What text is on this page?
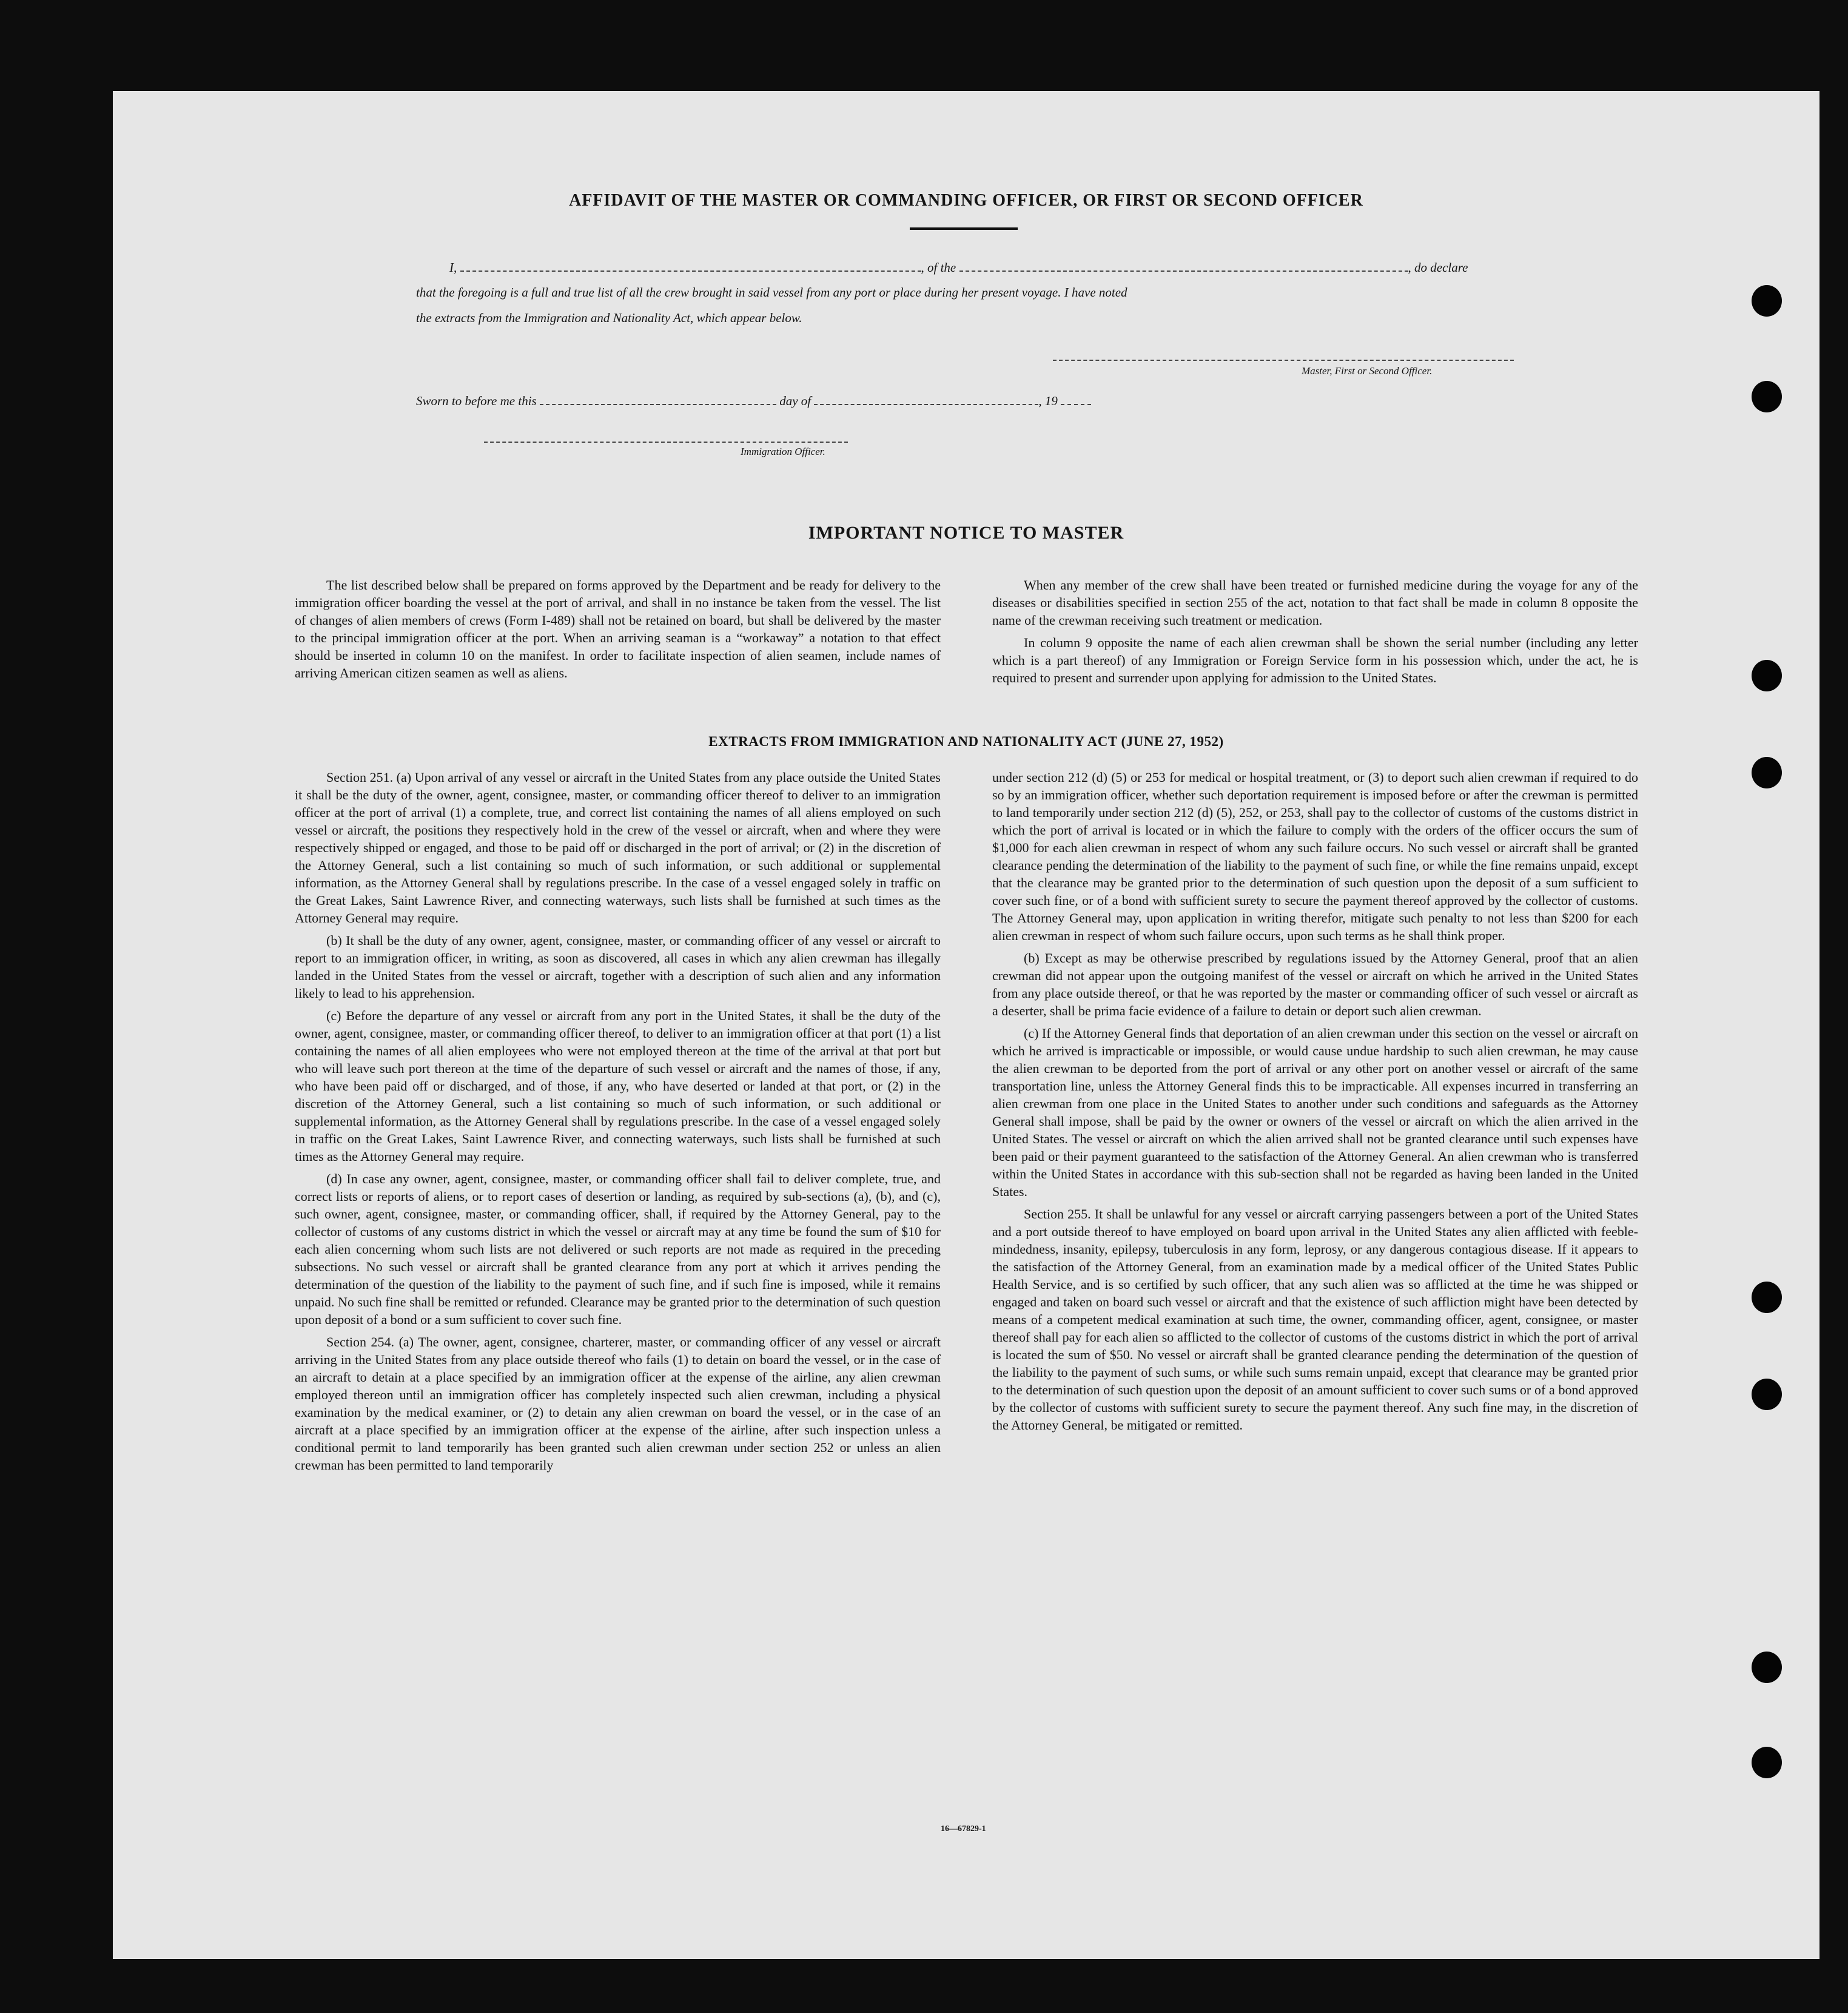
AFFIDAVIT OF THE MASTER OR COMMANDING OFFICER, OR FIRST OR SECOND OFFICER
I,	, of the	, do declare
that the foregoing is a full and true list of all the crew brought in said vessel from any port or place during her present voyage. I have noted
the extracts from the Immigration and Nationality Act, which appear below.
Master, First or Second Officer.
Sworn to before me this	day of	, 19
Immigration Officer.
IMPORTANT NOTICE TO MASTER

The list described below shall be prepared on forms approved by the Department and be ready for delivery to the immigration officer boarding the vessel at the port of arrival, and shall in no instance be taken from the vessel. The list of changes of alien members of crews (Form I-489) shall not be retained on board, but shall be delivered by the master to the principal immigration officer at the port. When an arriving seaman is a “workaway” a notation to that effect should be inserted in column 10 on the manifest. In order to facilitate inspection of alien seamen, include names of arriving American citizen seamen as well as aliens.

When any member of the crew shall have been treated or furnished medicine during the voyage for any of the diseases or disabilities specified in section 255 of the act, notation to that fact shall be made in column 8 opposite the name of the crewman receiving such treatment or medication.

In column 9 opposite the name of each alien crewman shall be shown the serial number (including any letter which is a part thereof) of any Immigration or Foreign Service form in his possession which, under the act, he is required to present and surrender upon applying for admission to the United States.

EXTRACTS FROM IMMIGRATION AND NATIONALITY ACT (JUNE 27, 1952)

Section 251. (a) Upon arrival of any vessel or aircraft in the United States from any place outside the United States it shall be the duty of the owner, agent, consignee, master, or commanding officer thereof to deliver to an immigration officer at the port of arrival (1) a complete, true, and correct list containing the names of all aliens employed on such vessel or aircraft, the positions they respectively hold in the crew of the vessel or aircraft, when and where they were respectively shipped or engaged, and those to be paid off or discharged in the port of arrival; or (2) in the discretion of the Attorney General, such a list containing so much of such information, or such additional or supplemental information, as the Attorney General shall by regulations prescribe. In the case of a vessel engaged solely in traffic on the Great Lakes, Saint Lawrence River, and connecting waterways, such lists shall be furnished at such times as the Attorney General may require.

(b) It shall be the duty of any owner, agent, consignee, master, or commanding officer of any vessel or aircraft to report to an immigration officer, in writing, as soon as discovered, all cases in which any alien crewman has illegally landed in the United States from the vessel or aircraft, together with a description of such alien and any information likely to lead to his apprehension.

(c) Before the departure of any vessel or aircraft from any port in the United States, it shall be the duty of the owner, agent, consignee, master, or commanding officer thereof, to deliver to an immigration officer at that port (1) a list containing the names of all alien employees who were not employed thereon at the time of the arrival at that port but who will leave such port thereon at the time of the departure of such vessel or aircraft and the names of those, if any, who have been paid off or discharged, and of those, if any, who have deserted or landed at that port, or (2) in the discretion of the Attorney General, such a list containing so much of such information, or such additional or supplemental information, as the Attorney General shall by regulations prescribe. In the case of a vessel engaged solely in traffic on the Great Lakes, Saint Lawrence River, and connecting waterways, such lists shall be furnished at such times as the Attorney General may require.

(d) In case any owner, agent, consignee, master, or commanding officer shall fail to deliver complete, true, and correct lists or reports of aliens, or to report cases of desertion or landing, as required by sub-sections (a), (b), and (c), such owner, agent, consignee, master, or commanding officer, shall, if required by the Attorney General, pay to the collector of customs of any customs district in which the vessel or aircraft may at any time be found the sum of $10 for each alien concerning whom such lists are not delivered or such reports are not made as required in the preceding subsections. No such vessel or aircraft shall be granted clearance from any port at which it arrives pending the determination of the question of the liability to the payment of such fine, and if such fine is imposed, while it remains unpaid. No such fine shall be remitted or refunded. Clearance may be granted prior to the determination of such question upon deposit of a bond or a sum sufficient to cover such fine.

Section 254. (a) The owner, agent, consignee, charterer, master, or commanding officer of any vessel or aircraft arriving in the United States from any place outside thereof who fails (1) to detain on board the vessel, or in the case of an aircraft to detain at a place specified by an immigration officer at the expense of the airline, any alien crewman employed thereon until an immigration officer has completely inspected such alien crewman, including a physical examination by the medical examiner, or (2) to detain any alien crewman on board the vessel, or in the case of an aircraft at a place specified by an immigration officer at the expense of the airline, after such inspection unless a conditional permit to land temporarily has been granted such alien crewman under section 252 or unless an alien crewman has been permitted to land temporarily

under section 212 (d) (5) or 253 for medical or hospital treatment, or (3) to deport such alien crewman if required to do so by an immigration officer, whether such deportation requirement is imposed before or after the crewman is permitted to land temporarily under section 212 (d) (5), 252, or 253, shall pay to the collector of customs of the customs district in which the port of arrival is located or in which the failure to comply with the orders of the officer occurs the sum of $1,000 for each alien crewman in respect of whom any such failure occurs. No such vessel or aircraft shall be granted clearance pending the determination of the liability to the payment of such fine, or while the fine remains unpaid, except that the clearance may be granted prior to the determination of such question upon the deposit of a sum sufficient to cover such fine, or of a bond with sufficient surety to secure the payment thereof approved by the collector of customs. The Attorney General may, upon application in writing therefor, mitigate such penalty to not less than $200 for each alien crewman in respect of whom such failure occurs, upon such terms as he shall think proper.

(b) Except as may be otherwise prescribed by regulations issued by the Attorney General, proof that an alien crewman did not appear upon the outgoing manifest of the vessel or aircraft on which he arrived in the United States from any place outside thereof, or that he was reported by the master or commanding officer of such vessel or aircraft as a deserter, shall be prima facie evidence of a failure to detain or deport such alien crewman.

(c) If the Attorney General finds that deportation of an alien crewman under this section on the vessel or aircraft on which he arrived is impracticable or impossible, or would cause undue hardship to such alien crewman, he may cause the alien crewman to be deported from the port of arrival or any other port on another vessel or aircraft of the same transportation line, unless the Attorney General finds this to be impracticable. All expenses incurred in transferring an alien crewman from one place in the United States to another under such conditions and safeguards as the Attorney General shall impose, shall be paid by the owner or owners of the vessel or aircraft on which the alien arrived in the United States. The vessel or aircraft on which the alien arrived shall not be granted clearance until such expenses have been paid or their payment guaranteed to the satisfaction of the Attorney General. An alien crewman who is transferred within the United States in accordance with this sub-section shall not be regarded as having been landed in the United States.

Section 255. It shall be unlawful for any vessel or aircraft carrying passengers between a port of the United States and a port outside thereof to have employed on board upon arrival in the United States any alien afflicted with feeble-mindedness, insanity, epilepsy, tuberculosis in any form, leprosy, or any dangerous contagious disease. If it appears to the satisfaction of the Attorney General, from an examination made by a medical officer of the United States Public Health Service, and is so certified by such officer, that any such alien was so afflicted at the time he was shipped or engaged and taken on board such vessel or aircraft and that the existence of such affliction might have been detected by means of a competent medical examination at such time, the owner, commanding officer, agent, consignee, or master thereof shall pay for each alien so afflicted to the collector of customs of the customs district in which the port of arrival is located the sum of $50. No vessel or aircraft shall be granted clearance pending the determination of the question of the liability to the payment of such sums, or while such sums remain unpaid, except that clearance may be granted prior to the determination of such question upon the deposit of an amount sufficient to cover such sums or of a bond approved by the collector of customs with sufficient surety to secure the payment thereof. Any such fine may, in the discretion of the Attorney General, be mitigated or remitted.

16—67829-1
